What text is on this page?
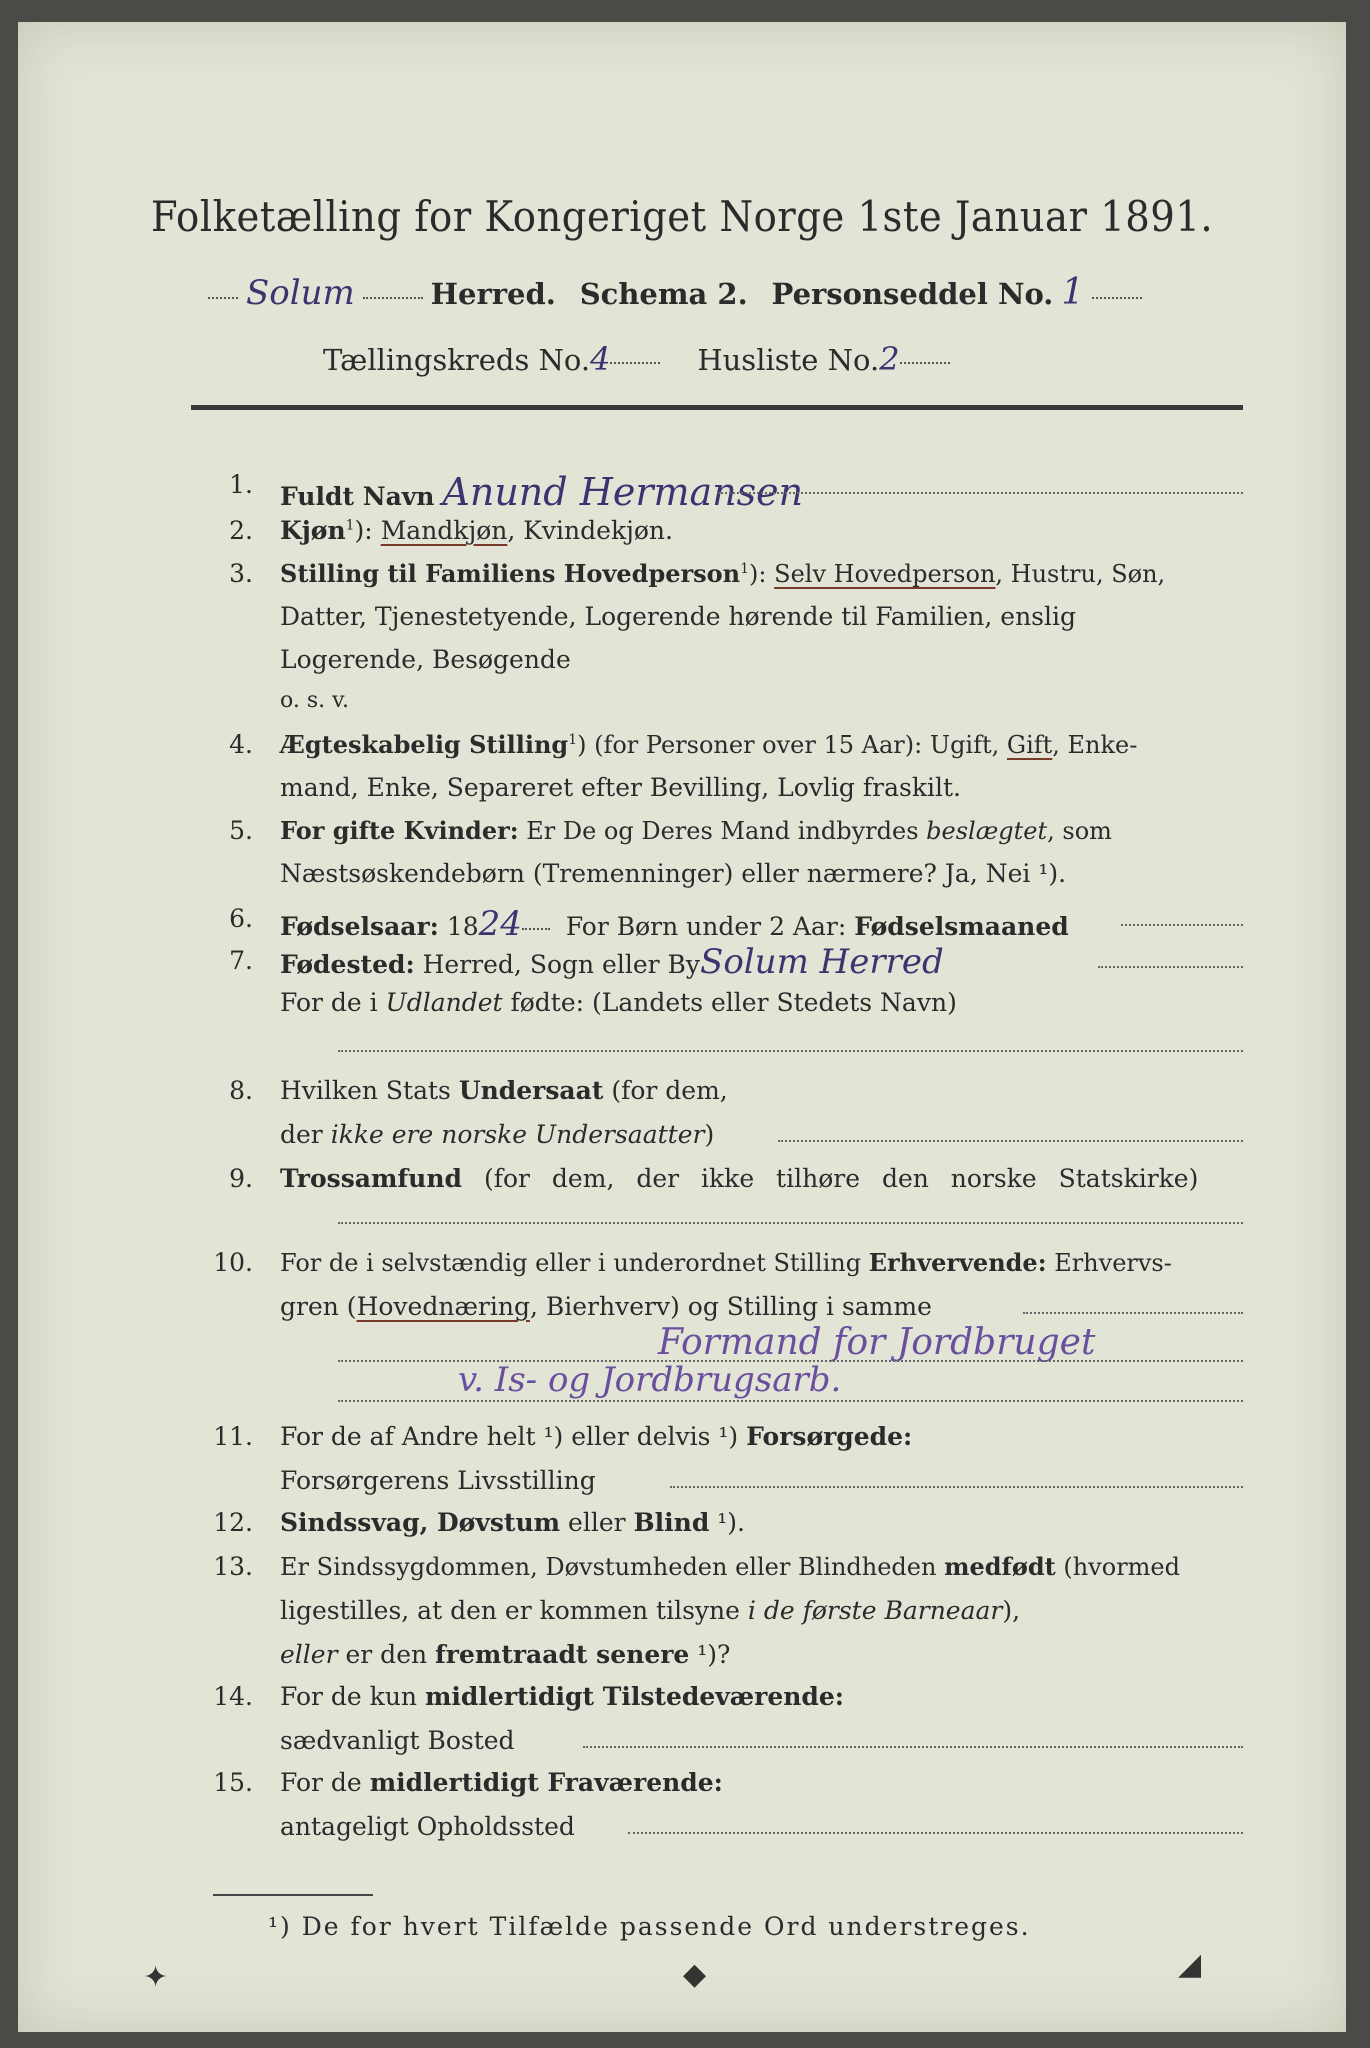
Folketælling for Kongeriget Norge 1ste Januar 1891.
Solum	Herred. Schema 2. Personseddel No. 1
Tællingskreds No.4	Husliste No.2
1. Fuldt Navn Anund Hermansen
2. Kjøn$^1$): Mandkjøn, Kvindekjøn.
3. Stilling til Familiens Hovedperson$^1$): Selv Hovedperson, Hustru, Søn,
Datter, Tjenestetyende, Logerende hørende til Familien, enslig
Logerende, Besøgende
o. s. v.
4. Ægteskabelig Stilling$^1$) (for Personer over 15 Aar): Ugift, Gift, Enke-
mand, Enke, Separeret efter Bevilling, Lovlig fraskilt.
5. For gifte Kvinder: Er De og Deres Mand indbyrdes beslægtet, som
Næstsøskendebørn (Tremenninger) eller nærmere? Ja, Nei ¹).
6. Fødselsaar: 1824 For Børn under 2 Aar: Fødselsmaaned
7. Fødested: Herred, Sogn eller BySolum Herred
For de i Udlandet fødte: (Landets eller Stedets Navn)
8. Hvilken Stats Undersaat (for dem,
der ikke ere norske Undersaatter)
9. Trossamfund (for dem, der ikke tilhøre den norske Statskirke)
10. For de i selvstændig eller i underordnet Stilling Erhvervende: Erhvervs-
gren (Hovednæring, Bierhverv) og Stilling i samme
Formand for Jordbruget
v. Is- og Jordbrugsarb.
11. For de af Andre helt ¹) eller delvis ¹) Forsørgede:
Forsørgerens Livsstilling
12. Sindssvag, Døvstum eller Blind ¹).
13. Er Sindssygdommen, Døvstumheden eller Blindheden medfødt (hvormed
ligestilles, at den er kommen tilsyne i de første Barneaar),
eller er den fremtraadt senere ¹)?
14. For de kun midlertidigt Tilstedeværende:
sædvanligt Bosted
15. For de midlertidigt Fraværende:
antageligt Opholdssted
¹) De for hvert Tilfælde passende Ord understreges.
✦	◆	◢
